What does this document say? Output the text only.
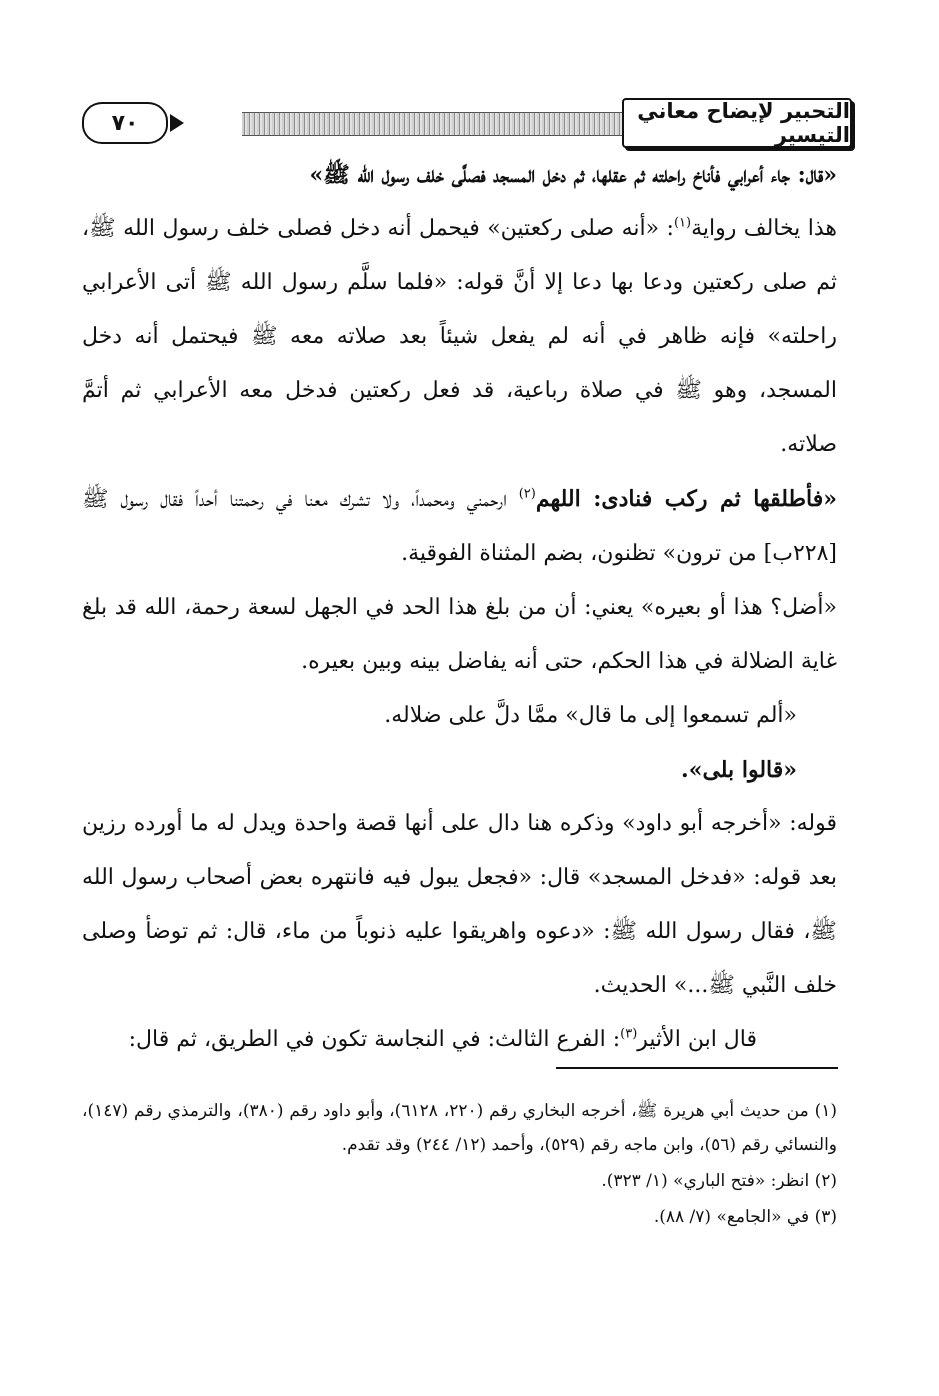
التحبير لإيضاح معاني التيسير
٧٠

«قال: جاء أعرابي فأناخ راحلته ثم عقلها، ثم دخل المسجد فصلَّى خلف رسول الله ﷺ»

هذا يخالف رواية$^{(١)}$: «أنه صلى ركعتين» فيحمل أنه دخل فصلى خلف رسول الله ﷺ، ثم صلى ركعتين ودعا بها دعا إلا أنَّ قوله: «فلما سلَّم رسول الله ﷺ أتى الأعرابي راحلته» فإنه ظاهر في أنه لم يفعل شيئاً بعد صلاته معه ﷺ فيحتمل أنه دخل المسجد، وهو ﷺ في صلاة رباعية، قد فعل ركعتين فدخل معه الأعرابي ثم أتمَّ صلاته.

«فأطلقها ثم ركب فنادى: اللهم$^{(٢)}$ ارحمني ومحمداً، ولا تشرك معنا في رحمتنا أحداً فقال رسول ﷺ [٢٢٨ب] من ترون» تظنون، بضم المثناة الفوقية.

«أضل؟ هذا أو بعيره» يعني: أن من بلغ هذا الحد في الجهل لسعة رحمة، الله قد بلغ غاية الضلالة في هذا الحكم، حتى أنه يفاضل بينه وبين بعيره.

«ألم تسمعوا إلى ما قال» ممَّا دلَّ على ضلاله.

«قالوا بلى».

قوله: «أخرجه أبو داود» وذكره هنا دال على أنها قصة واحدة ويدل له ما أورده رزين بعد قوله: «فدخل المسجد» قال: «فجعل يبول فيه فانتهره بعض أصحاب رسول الله ﷺ، فقال رسول الله ﷺ: «دعوه واهريقوا عليه ذنوباً من ماء، قال: ثم توضأ وصلى خلف النَّبي ﷺ...» الحديث.

قال ابن الأثير$^{(٣)}$: الفرع الثالث: في النجاسة تكون في الطريق، ثم قال:

(١) من حديث أبي هريرة ﷺ، أخرجه البخاري رقم (٢٢٠، ٦١٢٨)، وأبو داود رقم (٣٨٠)، والترمذي رقم (١٤٧)، والنسائي رقم (٥٦)، وابن ماجه رقم (٥٢٩)، وأحمد (١٢/ ٢٤٤) وقد تقدم.

(٢) انظر: «فتح الباري» (١/ ٣٢٣).

(٣) في «الجامع» (٧/ ٨٨).
